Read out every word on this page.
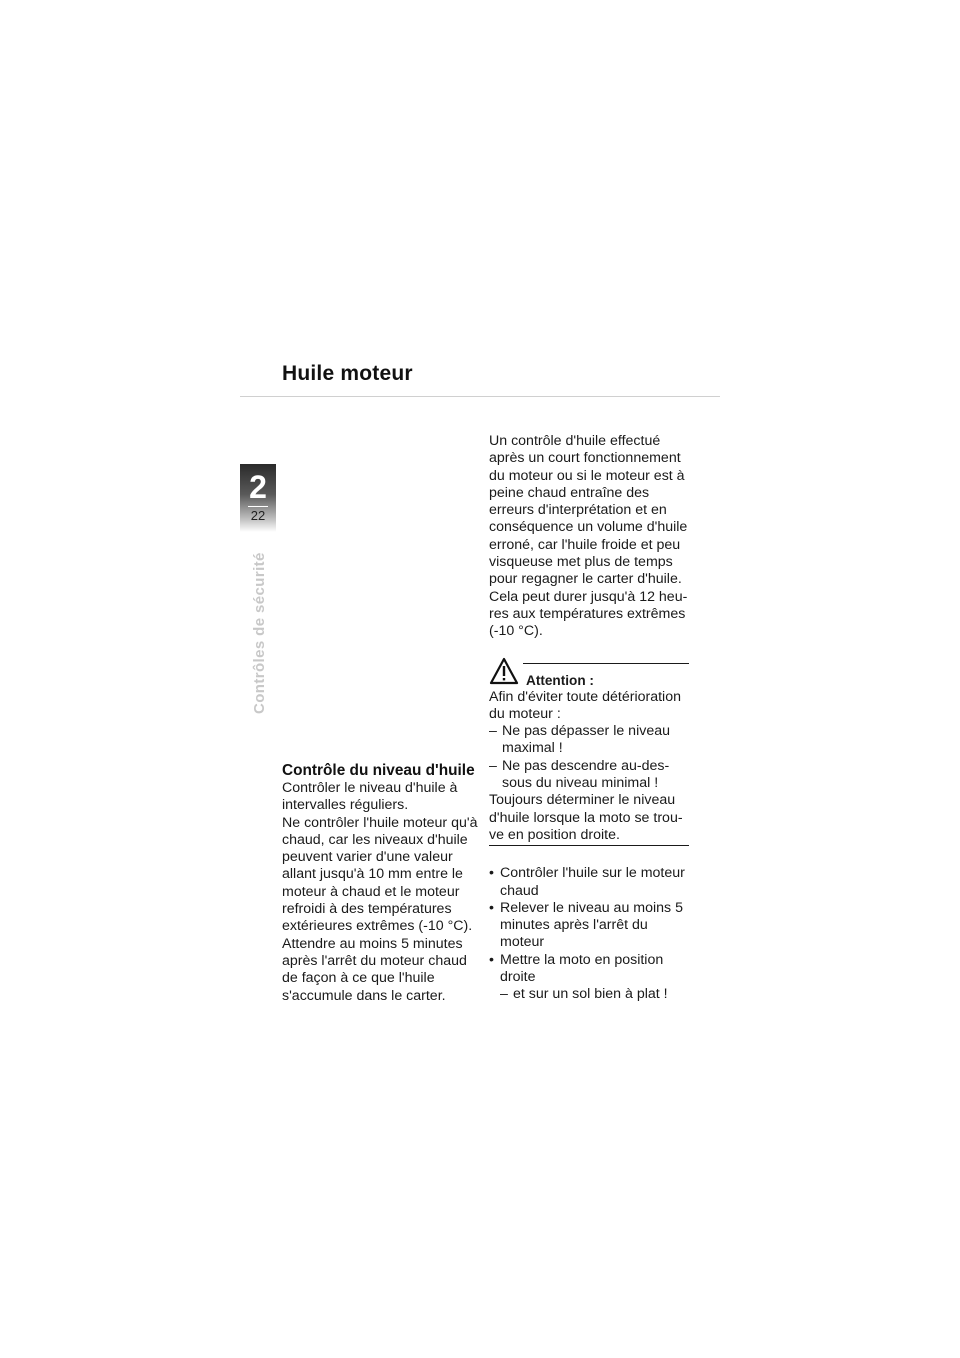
Huile moteur
2
22
Contrôles de sécurité
Contrôle du niveau d'huile

Contrôler le niveau d'huile à intervalles réguliers.

Ne contrôler l'huile moteur qu'à chaud, car les niveaux d'huile peuvent varier d'une valeur allant jusqu'à 10 mm entre le moteur à chaud et le moteur refroidi à des températures extérieures extrêmes (-10 °C).

Attendre au moins 5 minutes après l'arrêt du moteur chaud de façon à ce que l'huile s'accumule dans le carter.

Un contrôle d'huile effectué après un court fonctionnement du moteur ou si le moteur est à peine chaud entraîne des erreurs d'interprétation et en conséquence un volume d'huile erroné, car l'huile froide et peu visqueuse met plus de temps pour regagner le carter d'huile. Cela peut durer jusqu'à 12 heures aux températures extrêmes (-10 °C).

Attention :

Afin d'éviter toute détérioration du moteur :

– Ne pas dépasser le niveau maximal !
– Ne pas descendre au-dessous du niveau minimal !

Toujours déterminer le niveau d'huile lorsque la moto se trouve en position droite.

• Contrôler l'huile sur le moteur chaud
• Relever le niveau au moins 5 minutes après l'arrêt du moteur
• Mettre la moto en position droite
– et sur un sol bien à plat !
